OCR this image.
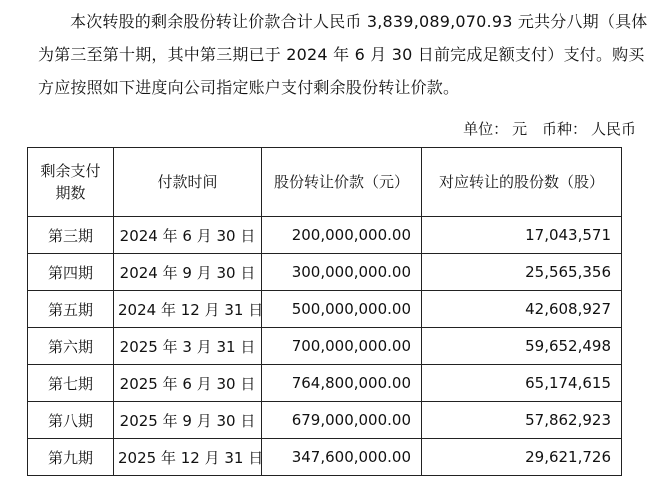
本次转股的剩余股份转让价款合计人民币 3,839,089,070.93 元共分八期（具体
为第三至第十期，其中第三期已于 2024 年 6 月 30 日前完成足额支付）支付。购买
方应按照如下进度向公司指定账户支付剩余股份转让价款。
单位： 元 币种： 人民币
剩余支付期数	付款时间	股份转让价款（元）	对应转让的股份数（股）
第三期	2024 年 6 月 30 日	200,000,000.00	17,043,571
第四期	2024 年 9 月 30 日	300,000,000.00	25,565,356
第五期	2024 年 12 月 31 日	500,000,000.00	42,608,927
第六期	2025 年 3 月 31 日	700,000,000.00	59,652,498
第七期	2025 年 6 月 30 日	764,800,000.00	65,174,615
第八期	2025 年 9 月 30 日	679,000,000.00	57,862,923
第九期	2025 年 12 月 31 日	347,600,000.00	29,621,726
